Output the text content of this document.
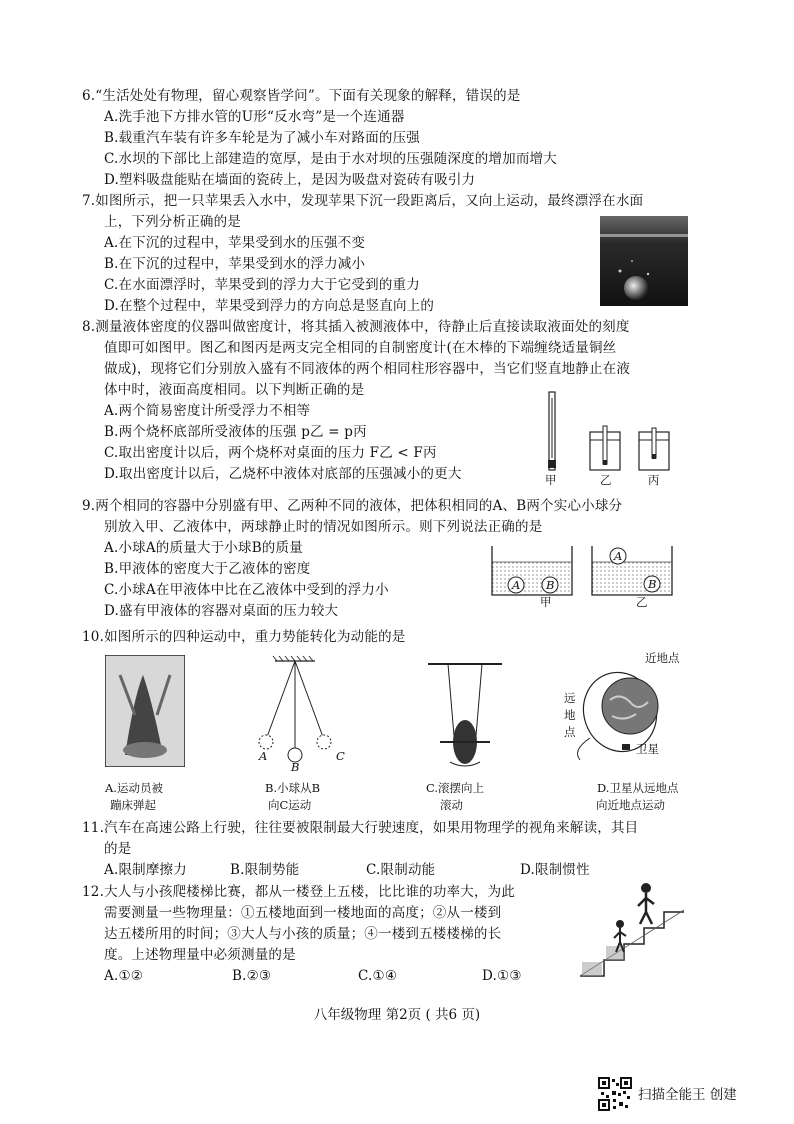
6.“生活处处有物理，留心观察皆学问”。下面有关现象的解释，错误的是
A.洗手池下方排水管的U形“反水弯”是一个连通器
B.载重汽车装有许多车轮是为了减小车对路面的压强
C.水坝的下部比上部建造的宽厚，是由于水对坝的压强随深度的增加而增大
D.塑料吸盘能贴在墙面的瓷砖上，是因为吸盘对瓷砖有吸引力
7.如图所示，把一只苹果丢入水中，发现苹果下沉一段距离后，又向上运动，最终漂浮在水面
上，下列分析正确的是
A.在下沉的过程中，苹果受到水的压强不变
B.在下沉的过程中，苹果受到水的浮力减小
C.在水面漂浮时，苹果受到的浮力大于它受到的重力
D.在整个过程中，苹果受到浮力的方向总是竖直向上的
8.测量液体密度的仪器叫做密度计，将其插入被测液体中，待静止后直接读取液面处的刻度
值即可如图甲。图乙和图丙是两支完全相同的自制密度计(在木棒的下端缠绕适量铜丝
做成)，现将它们分别放入盛有不同液体的两个相同柱形容器中，当它们竖直地静止在液
体中时，液面高度相同。以下判断正确的是
A.两个简易密度计所受浮力不相等
B.两个烧杯底部所受液体的压强 p乙 = p丙
C.取出密度计以后，两个烧杯对桌面的压力 F乙 < F丙
D.取出密度计以后，乙烧杯中液体对底部的压强减小的更大	甲	乙	丙
9.两个相同的容器中分别盛有甲、乙两种不同的液体，把体积相同的A、B两个实心小球分
别放入甲、乙液体中，两球静止时的情况如图所示。则下列说法正确的是
A.小球A的质量大于小球B的质量
B.甲液体的密度大于乙液体的密度
C.小球A在甲液体中比在乙液体中受到的浮力小
D.盛有甲液体的容器对桌面的压力较大
A B
A
B
甲	乙
10.如图所示的四种运动中，重力势能转化为动能的是
A.运动员被
蹦床弹起
A
B
C
B.小球从B
向C运动
C.滚摆向上
滚动
近地点
远
地
点
卫星
D.卫星从远地点
向近地点运动
11.汽车在高速公路上行驶，往往要被限制最大行驶速度，如果用物理学的视角来解读，其目
的是
A.限制摩擦力	B.限制势能	C.限制动能	D.限制惯性
12.大人与小孩爬楼梯比赛，都从一楼登上五楼，比比谁的功率大，为此
需要测量一些物理量：①五楼地面到一楼地面的高度；②从一楼到
达五楼所用的时间；③大人与小孩的质量；④一楼到五楼楼梯的长
度。上述物理量中必须测量的是
A.①②	B.②③	C.①④	D.①③
八年级物理 第2页 ( 共6 页)
扫描全能王 创建
